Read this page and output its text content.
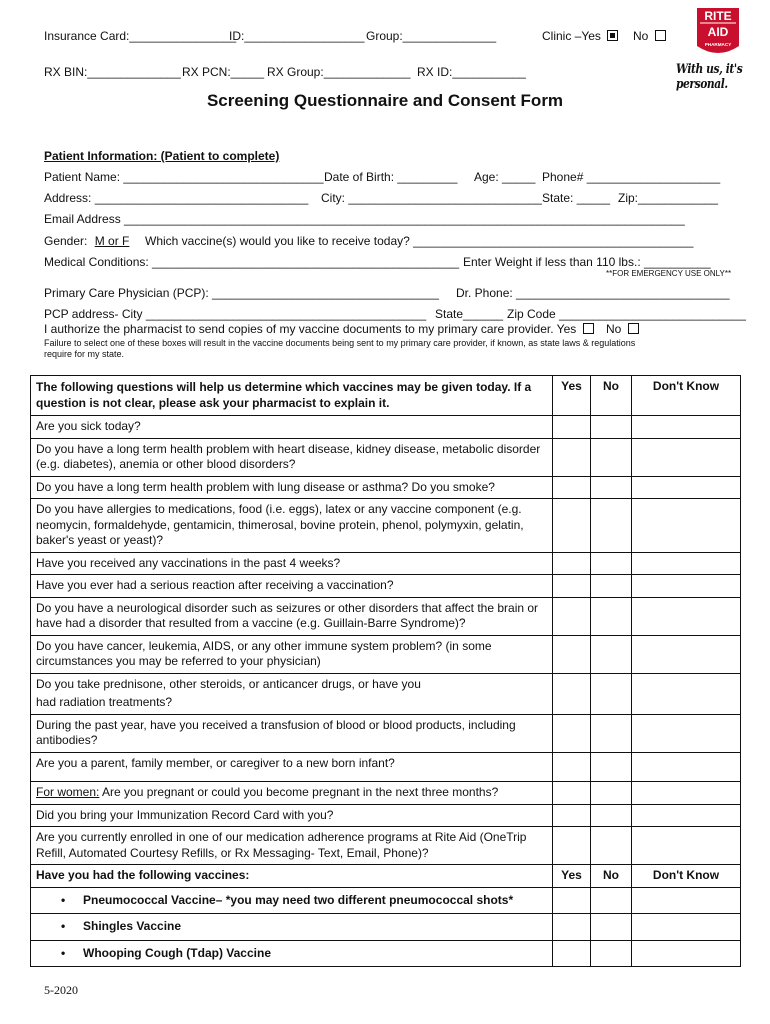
Insurance Card:________________
ID:__________________ Group:______________	Clinic –Yes	No
RX BIN:______________ RX PCN:_____ RX Group:_____________ RX ID:___________
RITE
AID
PHARMACY
With us, it's personal.
Screening Questionnaire and Consent Form
Patient Information: (Patient to complete)
Patient Name: ______________________________ Date of Birth: _________ Age: _____ Phone# ____________________
Address: ________________________________ City: _____________________________ State: _____ Zip:____________
Email Address ____________________________________________________________________________________
Gender: M or F Which vaccine(s) would you like to receive today? __________________________________________
Medical Conditions: ______________________________________________ Enter Weight if less than 110 lbs.: __________
**FOR EMERGENCY USE ONLY**
Primary Care Physician (PCP): __________________________________ Dr. Phone: ________________________________
PCP address- City __________________________________________ State______ Zip Code ____________________________
I authorize the pharmacist to send copies of my vaccine documents to my primary care provider. Yes No
Failure to select one of these boxes will result in the vaccine documents being sent to my primary care provider, if known, as state laws & regulations
require for my state.
The following questions will help us determine which vaccines may be given today. If a question is not clear, please ask your pharmacist to explain it.	Yes	No	Don't Know
Are you sick today?			
Do you have a long term health problem with heart disease, kidney disease, metabolic disorder (e.g. diabetes), anemia or other blood disorders?			
Do you have a long term health problem with lung disease or asthma? Do you smoke?			
Do you have allergies to medications, food (i.e. eggs), latex or any vaccine component (e.g. neomycin, formaldehyde, gentamicin, thimerosal, bovine protein, phenol, polymyxin, gelatin, baker's yeast or yeast)?			
Have you received any vaccinations in the past 4 weeks?			
Have you ever had a serious reaction after receiving a vaccination?			
Do you have a neurological disorder such as seizures or other disorders that affect the brain or have had a disorder that resulted from a vaccine (e.g. Guillain-Barre Syndrome)?			
Do you have cancer, leukemia, AIDS, or any other immune system problem? (in some circumstances you may be referred to your physician)			

Do you take prednisone, other steroids, or anticancer drugs, or have you
had radiation treatments?			

During the past year, have you received a transfusion of blood or blood products, including antibodies?			
Are you a parent, family member, or caregiver to a new born infant?			
For women: Are you pregnant or could you become pregnant in the next three months?			
Did you bring your Immunization Record Card with you?			
Are you currently enrolled in one of our medication adherence programs at Rite Aid (OneTrip Refill, Automated Courtesy Refills, or Rx Messaging- Text, Email, Phone)?			
Have you had the following vaccines:	Yes	No	Don't Know

• Pneumococcal Vaccine– *you may need two different pneumococcal shots*			

• Shingles Vaccine			

• Whooping Cough (Tdap) Vaccine			
5-2020
